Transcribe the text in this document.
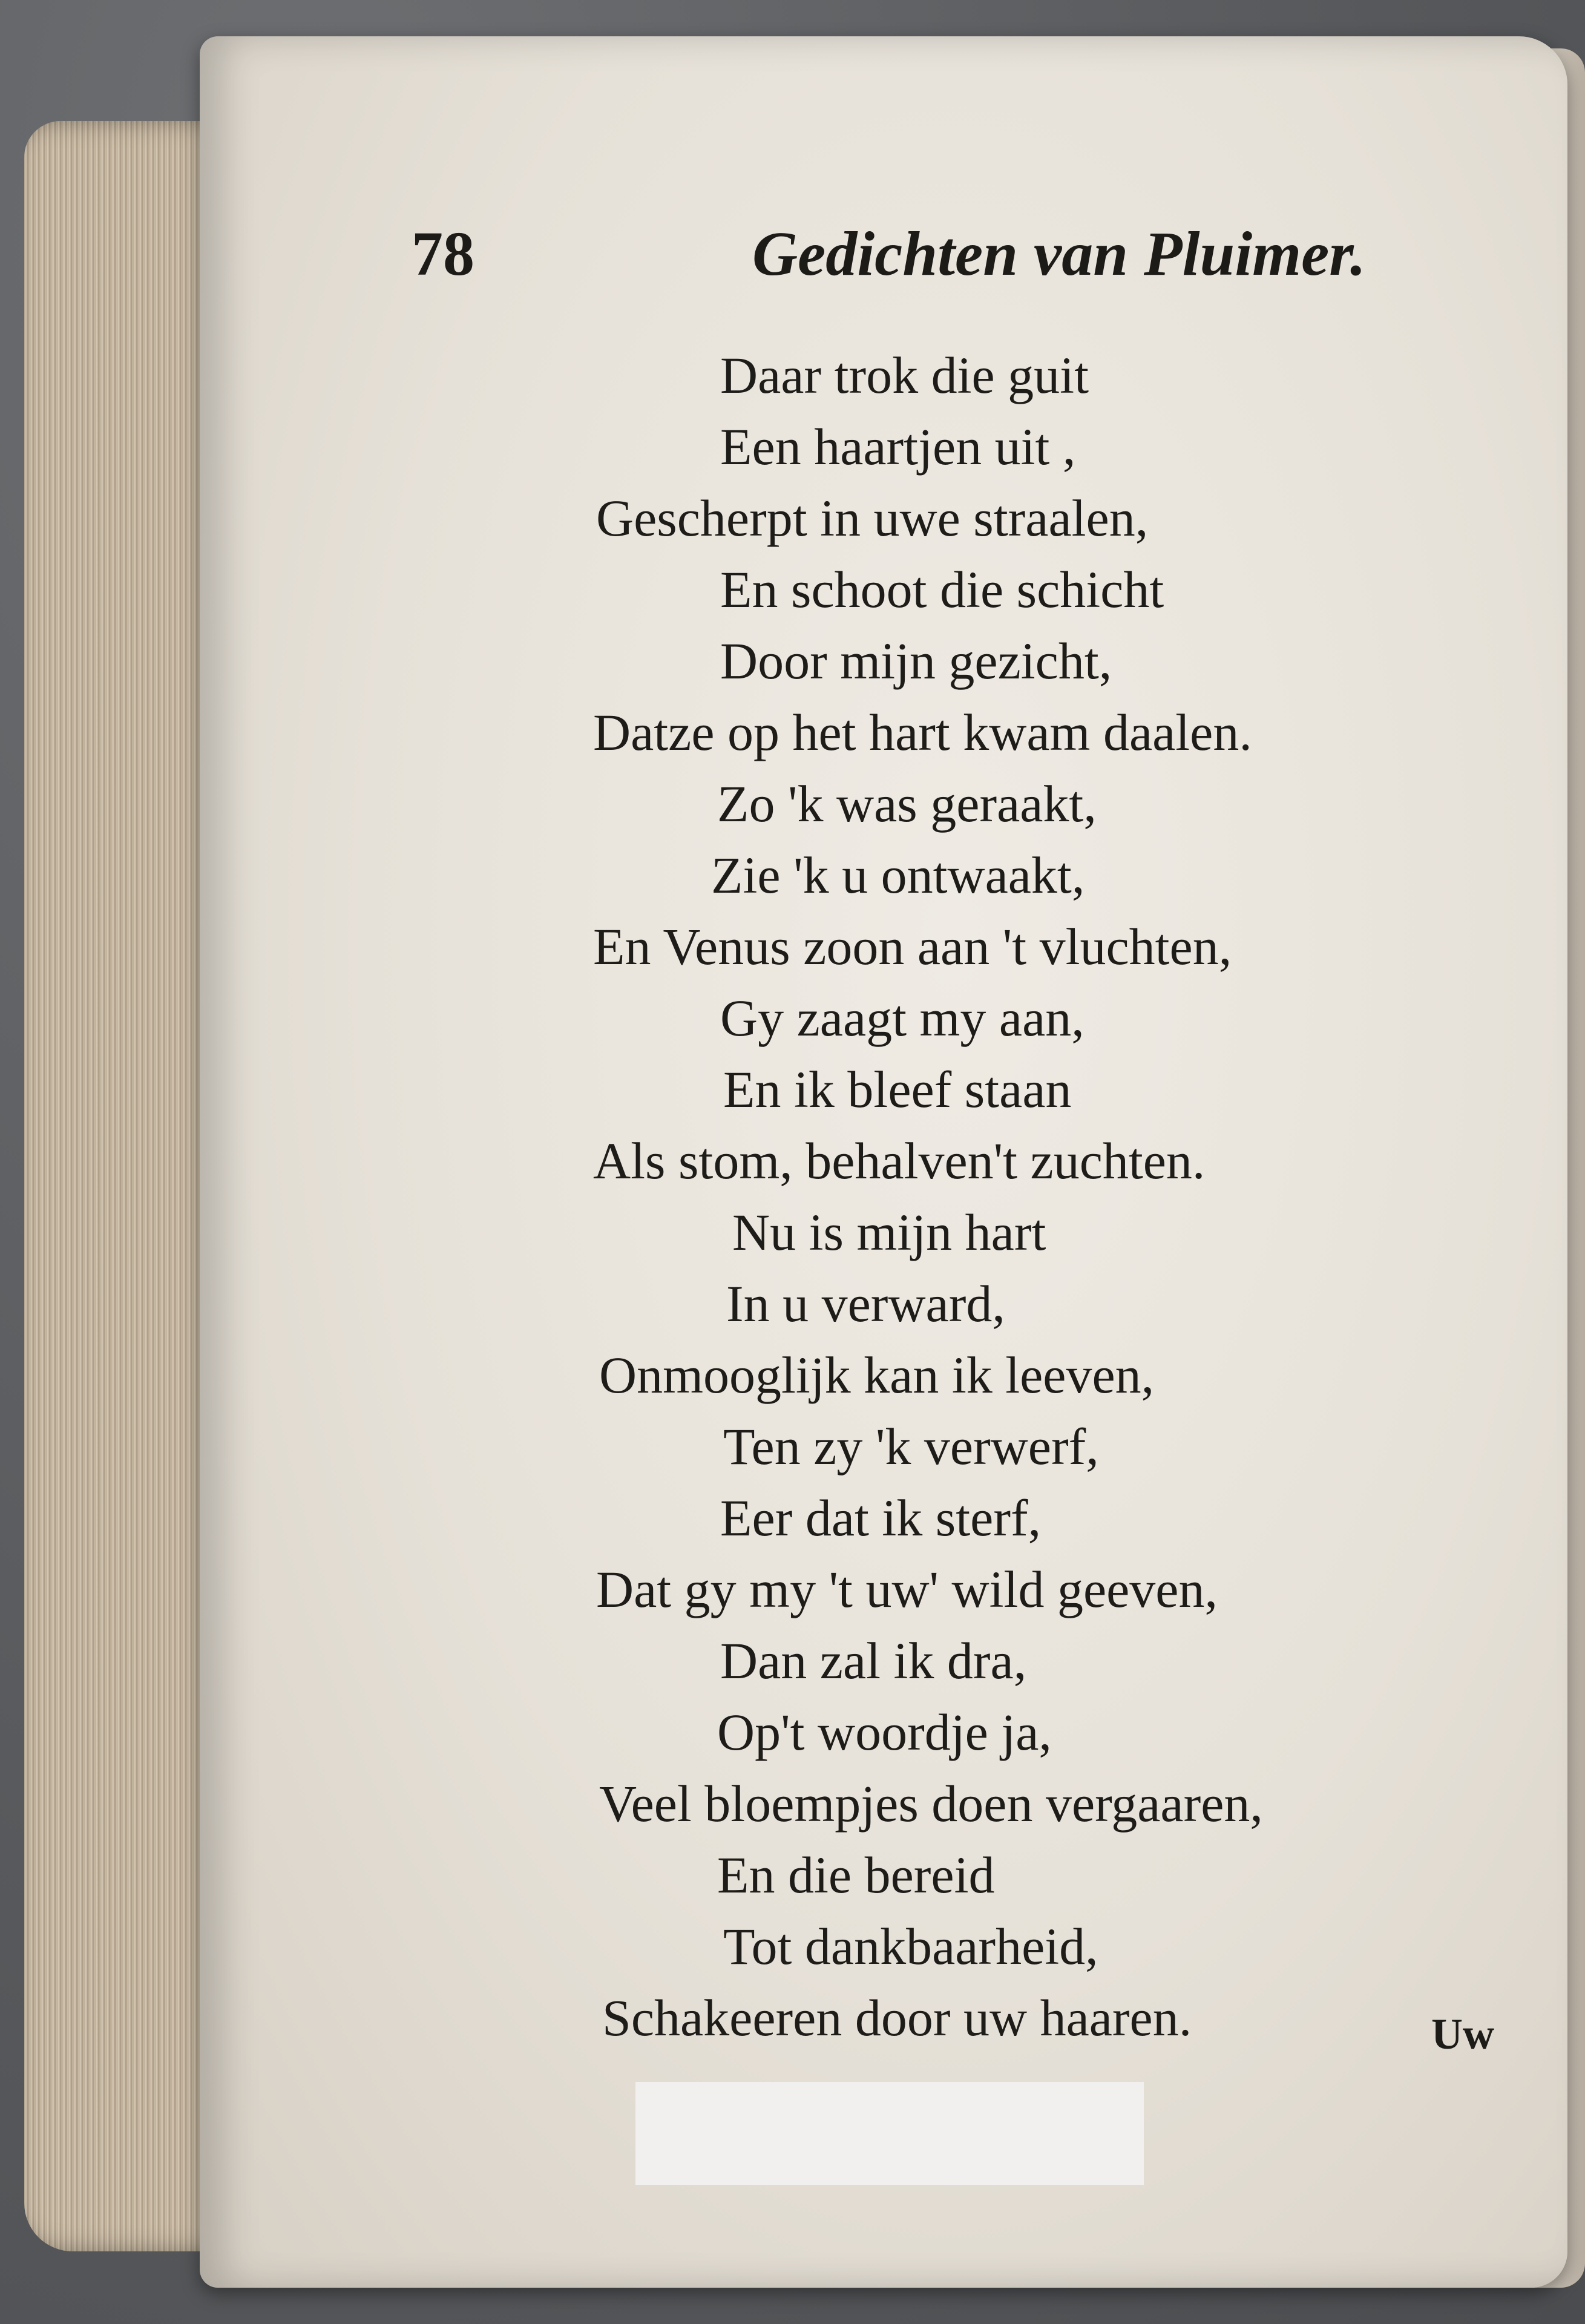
78	Gedichten van Pluimer.
Daar trok die guit
Een haartjen uit ,
Gescherpt in uwe straalen,
En schoot die schicht
Door mijn gezicht,
Datze op het hart kwam daalen.
Zo 'k was geraakt,
Zie 'k u ontwaakt,
En Venus zoon aan 't vluchten,
Gy zaagt my aan,
En ik bleef staan
Als stom, behalven't zuchten.
Nu is mijn hart
In u verward,
Onmooglijk kan ik leeven,
Ten zy 'k verwerf,
Eer dat ik sterf,
Dat gy my 't uw' wild geeven,
Dan zal ik dra,
Op't woordje ja,
Veel bloempjes doen vergaaren,
En die bereid
Tot dankbaarheid,
Schakeeren door uw haaren.	Uw
